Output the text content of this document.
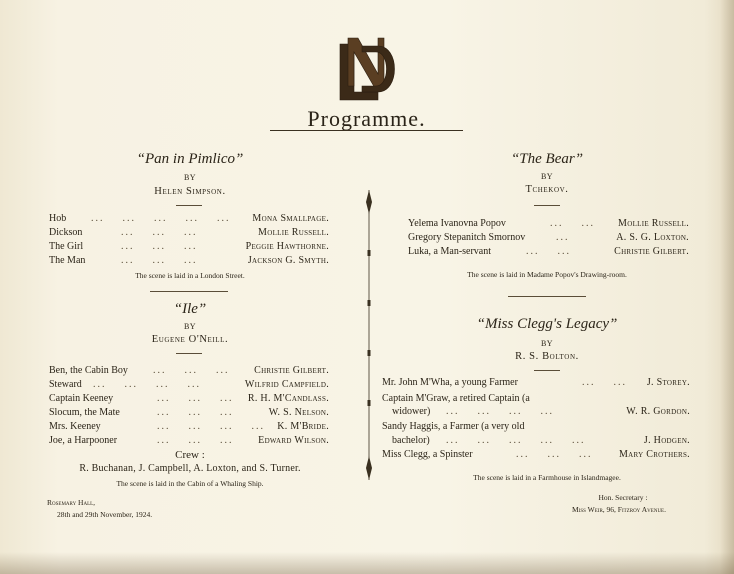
Programme.
“Pan in Pimlico”
BY
Helen Simpson.
Hob ...    ...    ...    ...    ... Mona Smallpage.
Dickson	...    ...    ...	Mollie Russell.
The Girl	...    ...    ...	Peggie Hawthorne.
The Man	...    ...    ...	Jackson G. Smyth.
The scene is laid in a London Street.
“Ile”
BY
Eugene O'Neill.
Ben, the Cabin Boy	...    ...    ... Christie Gilbert.
Steward ...    ...    ...    ...	Wilfrid Campfield.
Captain Keeney	...    ...    ... R. H. M'Candlass.
Slocum, the Mate	...    ...    ...	W. S. Nelson.
Mrs. Keeney	...    ...    ...    ... K. M'Bride.
Joe, a Harpooner	...    ...    ... Edward Wilson.
Crew :
R. Buchanan, J. Campbell, A. Loxton, and S. Turner.
The scene is laid in the Cabin of a Whaling Ship.
“The Bear”
BY
Tchekov.
Yelema Ivanovna Popov	...    ... Mollie Russell.
Gregory Stepanitch Smornov	...	A. S. G. Loxton.
Luka, a Man-servant	...    ...	Christie Gilbert.
The scene is laid in Madame Popov's Drawing-room.
“Miss Clegg's Legacy”
BY
R. S. Bolton.
Mr. John M'Wha, a young Farmer	...    ... J. Storey.
Captain M'Graw, a retired Captain (a
widower) ...    ...    ...    ...	W. R. Gordon.
Sandy Haggis, a Farmer (a very old
bachelor) ...    ...    ...    ...    ...	J. Hodgen.
Miss Clegg, a Spinster	...    ...    ...	Mary Crothers.
The scene is laid in a Farmhouse in Islandmagee.
Rosemary Hall,
28th and 29th November, 1924.
Hon. Secretary :
Miss Weir, 96, Fitzroy Avenue.
